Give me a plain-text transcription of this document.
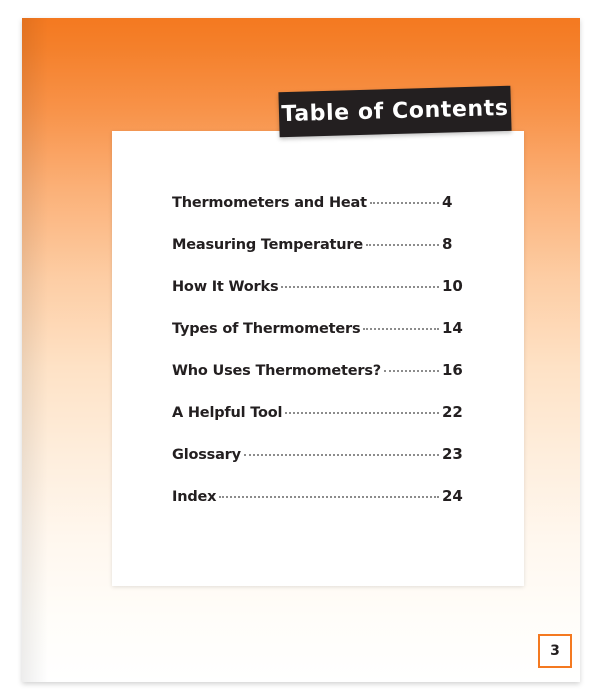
Thermometers and Heat	4
Measuring Temperature	8
How It Works	10
Types of Thermometers	14
Who Uses Thermometers?	16
A Helpful Tool	22
Glossary	23
Index	24
Table of Contents
3
